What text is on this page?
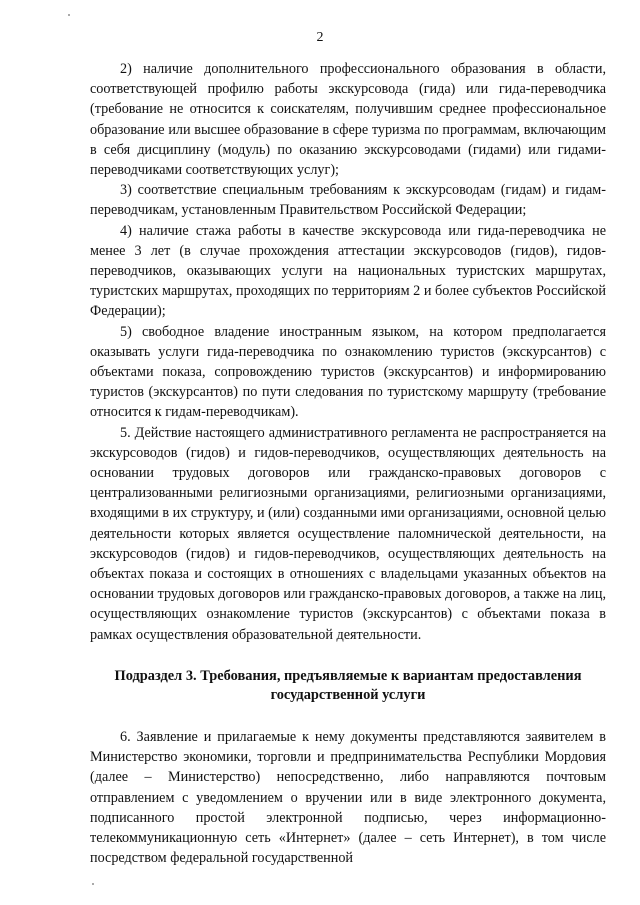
2

2) наличие дополнительного профессионального образования в области, соответствующей профилю работы экскурсовода (гида) или гида-переводчика (требование не относится к соискателям, получившим среднее профессиональное образование или высшее образование в сфере туризма по программам, включающим в себя дисциплину (модуль) по оказанию экскурсоводами (гидами) или гидами-переводчиками соответствующих услуг);

3) соответствие специальным требованиям к экскурсоводам (гидам) и гидам-переводчикам, установленным Правительством Российской Федерации;

4) наличие стажа работы в качестве экскурсовода или гида-переводчика не менее 3 лет (в случае прохождения аттестации экскурсоводов (гидов), гидов-переводчиков, оказывающих услуги на национальных туристских маршрутах, туристских маршрутах, проходящих по территориям 2 и более субъектов Российской Федерации);

5) свободное владение иностранным языком, на котором предполагается оказывать услуги гида-переводчика по ознакомлению туристов (экскурсантов) с объектами показа, сопровождению туристов (экскурсантов) и информированию туристов (экскурсантов) по пути следования по туристскому маршруту (требование относится к гидам-переводчикам).

5. Действие настоящего административного регламента не распространяется на экскурсоводов (гидов) и гидов-переводчиков, осуществляющих деятельность на основании трудовых договоров или гражданско-правовых договоров с централизованными религиозными организациями, религиозными организациями, входящими в их структуру, и (или) созданными ими организациями, основной целью деятельности которых является осуществление паломнической деятельности, на экскурсоводов (гидов) и гидов-переводчиков, осуществляющих деятельность на объектах показа и состоящих в отношениях с владельцами указанных объектов на основании трудовых договоров или гражданско-правовых договоров, а также на лиц, осуществляющих ознакомление туристов (экскурсантов) с объектами показа в рамках осуществления образовательной деятельности.

Подраздел 3. Требования, предъявляемые к вариантам предоставления
государственной услуги

6. Заявление и прилагаемые к нему документы представляются заявителем в Министерство экономики, торговли и предпринимательства Республики Мордовия (далее – Министерство) непосредственно, либо направляются почтовым отправлением с уведомлением о вручении или в виде электронного документа, подписанного простой электронной подписью, через информационно-телекоммуникационную сеть «Интернет» (далее – сеть Интернет), в том числе посредством федеральной государственной
